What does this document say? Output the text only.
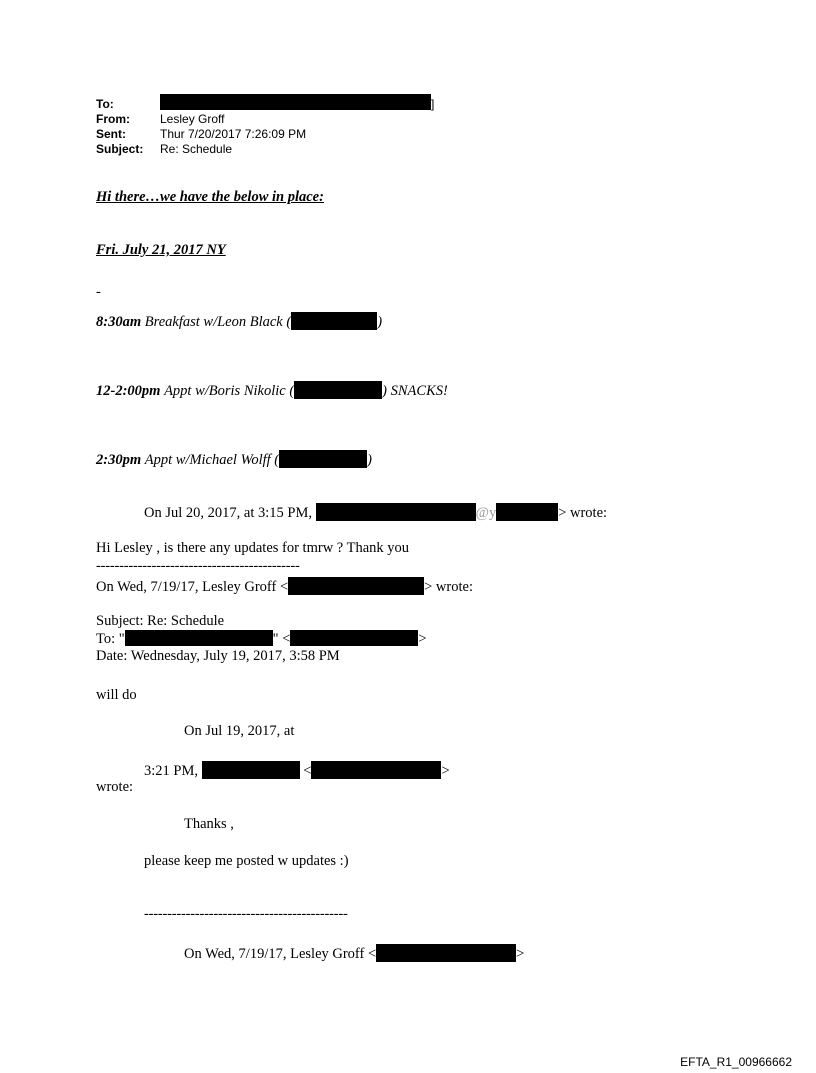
To:	]
From:	Lesley Groff
Sent:	Thur 7/20/2017 7:26:09 PM
Subject: Re: Schedule
Hi there…we have the below in place:
Fri. July 21, 2017 NY
-
8:30am Breakfast w/Leon Black (	)
12-2:00pm Appt w/Boris Nikolic (	) SNACKS!
2:30pm Appt w/Michael Wolff (	)
On Jul 20, 2017, at 3:15 PM,	@y	> wrote:
Hi Lesley , is there any updates for tmrw ? Thank you
--------------------------------------------
On Wed, 7/19/17, Lesley Groff <	> wrote:
Subject: Re: Schedule
To: "	" <	>
Date: Wednesday, July 19, 2017, 3:58 PM
will do
On Jul 19, 2017, at
3:21 PM,	<	>
wrote:
Thanks ,
please keep me posted w updates :)
--------------------------------------------
On Wed, 7/19/17, Lesley Groff <	>
EFTA_R1_00966662
